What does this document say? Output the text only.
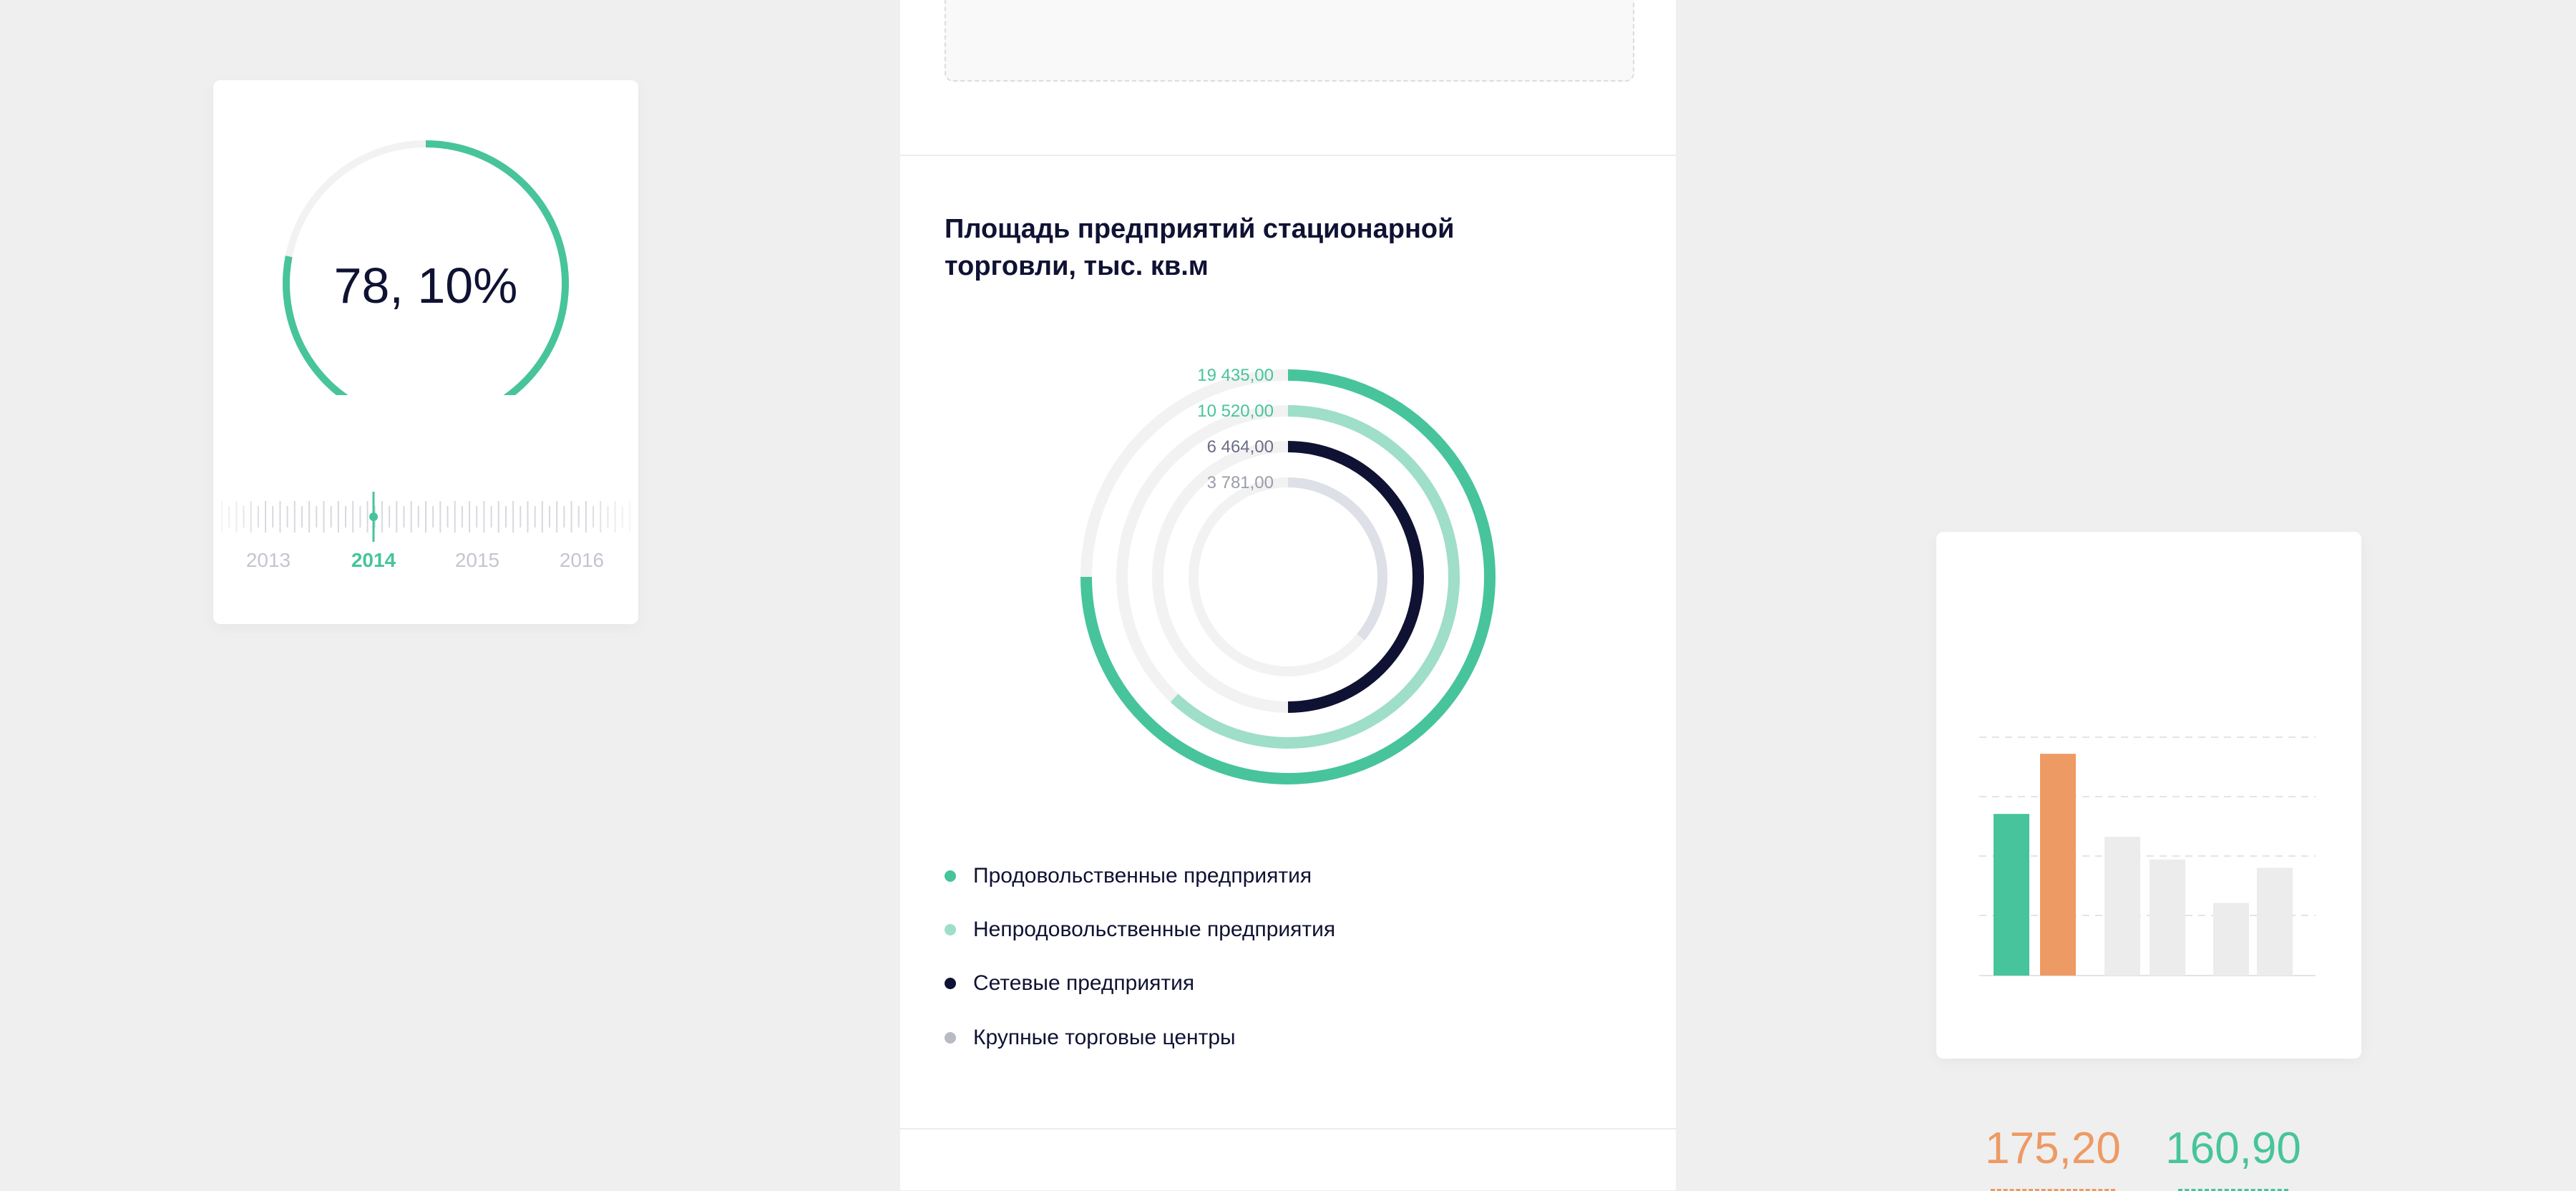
78, 10%
2013	2014	2015	2016
Площадь предприятий стационарной торговли, тыс. кв.м
19 435,00
10 520,00
6 464,00
3 781,00
Продовольственные предприятия
Непродовольственные предприятия
Сетевые предприятия
Крупные торговые центры
175,20	160,90
